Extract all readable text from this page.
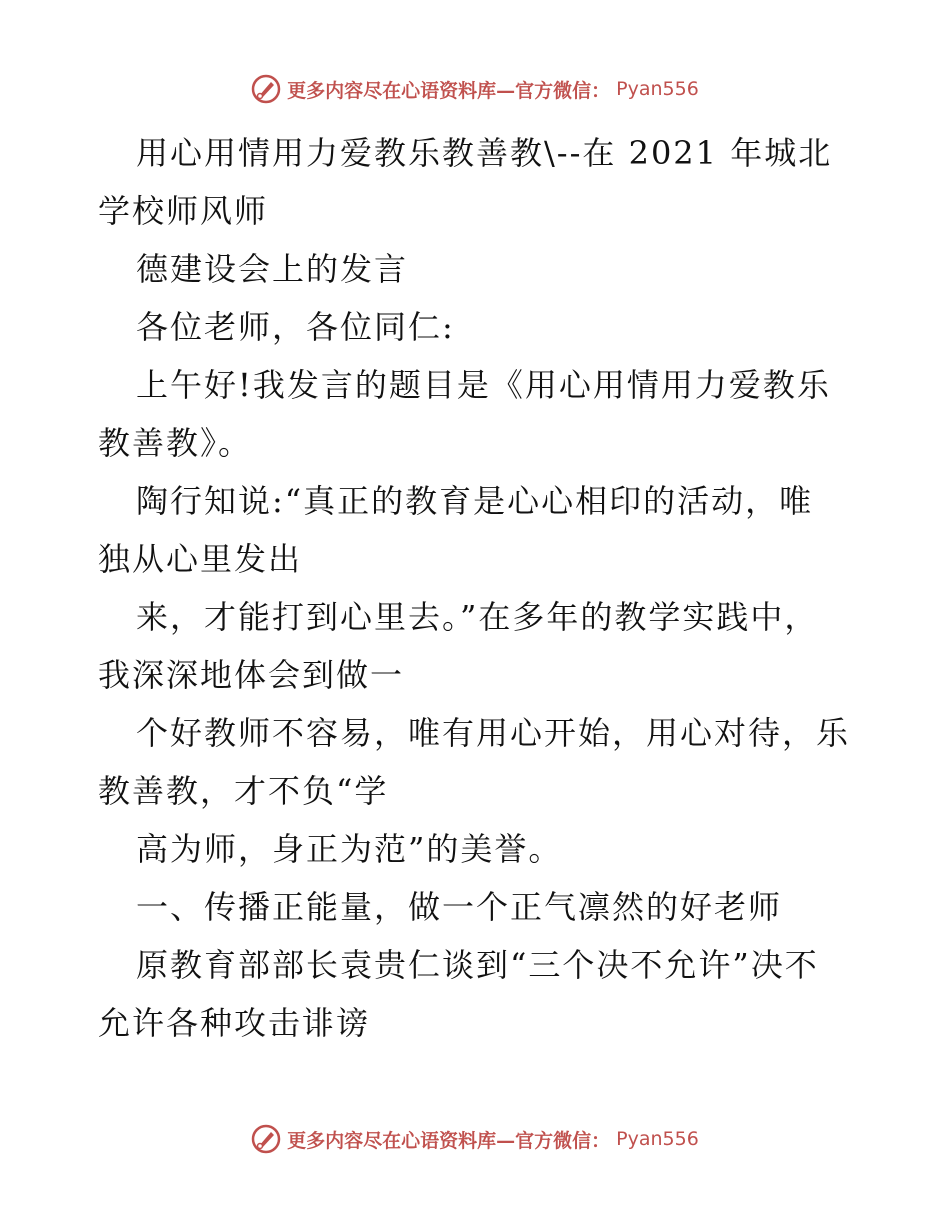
更多内容尽在心语资料库—官方微信： Pyan556
用心用情用力爱教乐教善教\--在 2021 年城北
学校师风师
德建设会上的发言
各位老师，各位同仁:
上午好!我发言的题目是《用心用情用力爱教乐
教善教》。
陶行知说:“真正的教育是心心相印的活动，唯
独从心里发出
来，才能打到心里去。”在多年的教学实践中，
我深深地体会到做一
个好教师不容易，唯有用心开始，用心对待，乐
教善教，才不负“学
高为师，身正为范”的美誉。
一、传播正能量，做一个正气凛然的好老师
原教育部部长袁贵仁谈到“三个决不允许”决不
允许各种攻击诽谤
更多内容尽在心语资料库—官方微信： Pyan556
